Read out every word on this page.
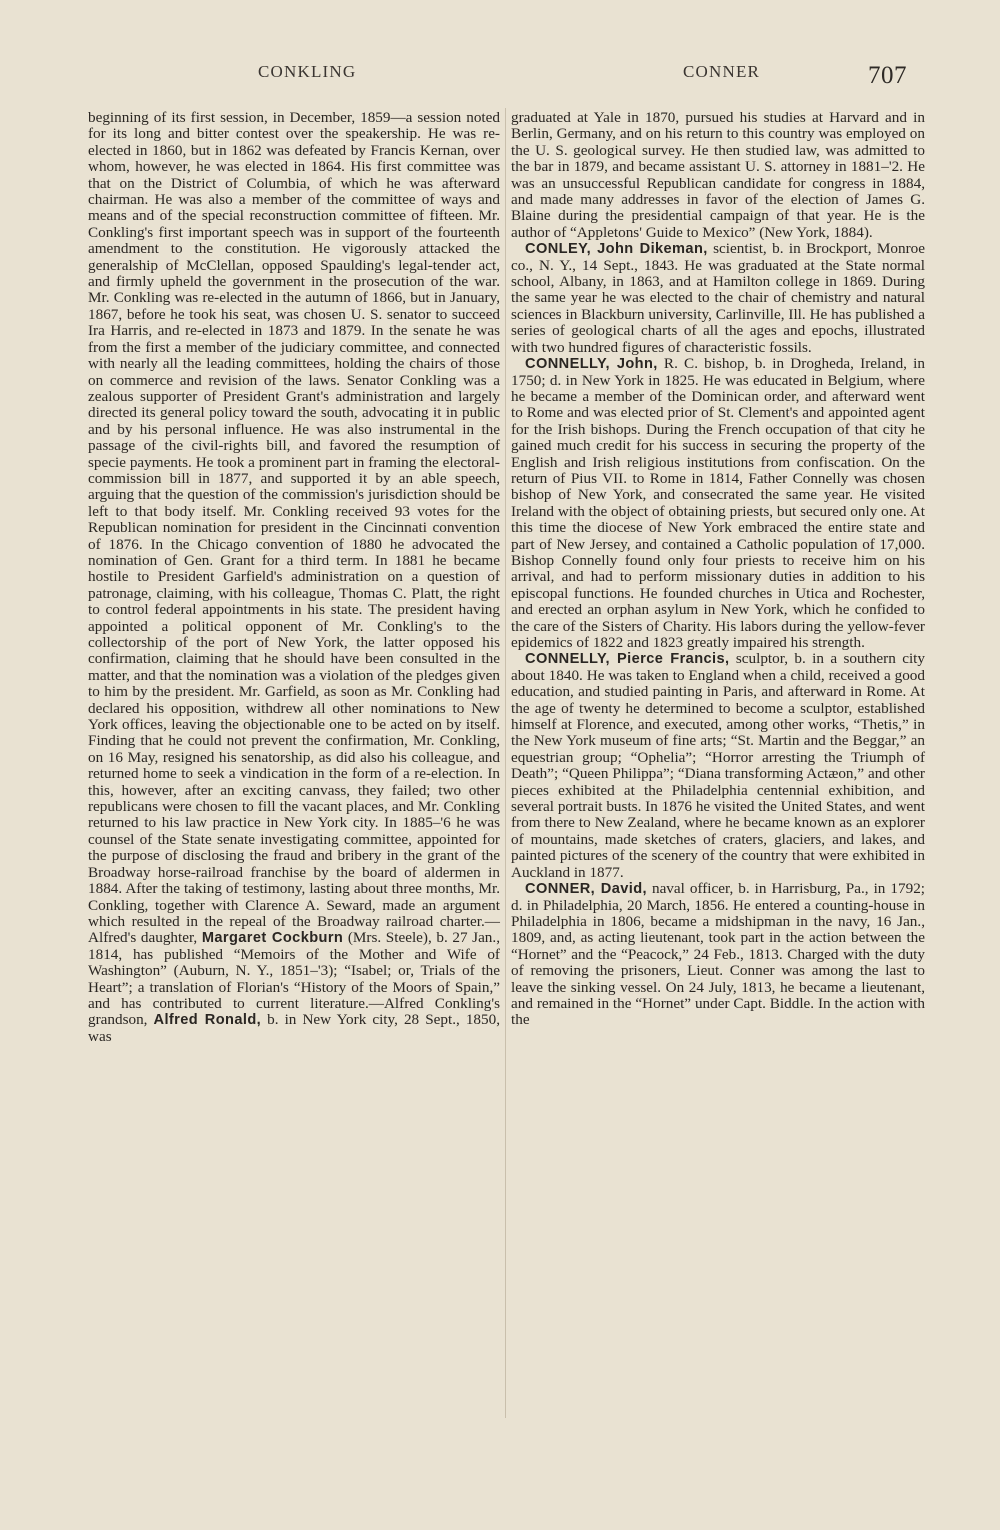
CONKLING	CONNER	707

beginning of its first session, in December, 1859—a session noted for its long and bitter contest over the speakership. He was re-elected in 1860, but in 1862 was defeated by Francis Kernan, over whom, however, he was elected in 1864. His first committee was that on the District of Columbia, of which he was afterward chairman. He was also a member of the committee of ways and means and of the special reconstruction committee of fifteen. Mr. Conkling's first important speech was in support of the fourteenth amendment to the constitution. He vigorously attacked the generalship of McClellan, opposed Spaulding's legal-tender act, and firmly upheld the government in the prosecution of the war. Mr. Conkling was re-elected in the autumn of 1866, but in January, 1867, before he took his seat, was chosen U. S. senator to succeed Ira Harris, and re-elected in 1873 and 1879. In the senate he was from the first a member of the judiciary committee, and connected with nearly all the leading committees, holding the chairs of those on commerce and revision of the laws. Senator Conkling was a zealous supporter of President Grant's administration and largely directed its general policy toward the south, advocating it in public and by his personal influence. He was also instrumental in the passage of the civil-rights bill, and favored the resumption of specie payments. He took a prominent part in framing the electoral-commission bill in 1877, and supported it by an able speech, arguing that the question of the commission's jurisdiction should be left to that body itself. Mr. Conkling received 93 votes for the Republican nomination for president in the Cincinnati convention of 1876. In the Chicago convention of 1880 he advocated the nomination of Gen. Grant for a third term. In 1881 he became hostile to President Garfield's administration on a question of patronage, claiming, with his colleague, Thomas C. Platt, the right to control federal appointments in his state. The president having appointed a political opponent of Mr. Conkling's to the collectorship of the port of New York, the latter opposed his confirmation, claiming that he should have been consulted in the matter, and that the nomination was a violation of the pledges given to him by the president. Mr. Garfield, as soon as Mr. Conkling had declared his opposition, withdrew all other nominations to New York offices, leaving the objectionable one to be acted on by itself. Finding that he could not prevent the confirmation, Mr. Conkling, on 16 May, resigned his senatorship, as did also his colleague, and returned home to seek a vindication in the form of a re-election. In this, however, after an exciting canvass, they failed; two other republicans were chosen to fill the vacant places, and Mr. Conkling returned to his law practice in New York city. In 1885–'6 he was counsel of the State senate investigating committee, appointed for the purpose of disclosing the fraud and bribery in the grant of the Broadway horse-railroad franchise by the board of aldermen in 1884. After the taking of testimony, lasting about three months, Mr. Conkling, together with Clarence A. Seward, made an argument which resulted in the repeal of the Broadway railroad charter.—Alfred's daughter, Margaret Cockburn (Mrs. Steele), b. 27 Jan., 1814, has published “Memoirs of the Mother and Wife of Washington” (Auburn, N. Y., 1851–'3); “Isabel; or, Trials of the Heart”; a translation of Florian's “History of the Moors of Spain,” and has contributed to current literature.—Alfred Conkling's grandson, Alfred Ronald, b. in New York city, 28 Sept., 1850, was

graduated at Yale in 1870, pursued his studies at Harvard and in Berlin, Germany, and on his return to this country was employed on the U. S. geological survey. He then studied law, was admitted to the bar in 1879, and became assistant U. S. attorney in 1881–'2. He was an unsuccessful Republican candidate for congress in 1884, and made many addresses in favor of the election of James G. Blaine during the presidential campaign of that year. He is the author of “Appletons' Guide to Mexico” (New York, 1884).

CONLEY, John Dikeman, scientist, b. in Brockport, Monroe co., N. Y., 14 Sept., 1843. He was graduated at the State normal school, Albany, in 1863, and at Hamilton college in 1869. During the same year he was elected to the chair of chemistry and natural sciences in Blackburn university, Carlinville, Ill. He has published a series of geological charts of all the ages and epochs, illustrated with two hundred figures of characteristic fossils.

CONNELLY, John, R. C. bishop, b. in Drogheda, Ireland, in 1750; d. in New York in 1825. He was educated in Belgium, where he became a member of the Dominican order, and afterward went to Rome and was elected prior of St. Clement's and appointed agent for the Irish bishops. During the French occupation of that city he gained much credit for his success in securing the property of the English and Irish religious institutions from confiscation. On the return of Pius VII. to Rome in 1814, Father Connelly was chosen bishop of New York, and consecrated the same year. He visited Ireland with the object of obtaining priests, but secured only one. At this time the diocese of New York embraced the entire state and part of New Jersey, and contained a Catholic population of 17,000. Bishop Connelly found only four priests to receive him on his arrival, and had to perform missionary duties in addition to his episcopal functions. He founded churches in Utica and Rochester, and erected an orphan asylum in New York, which he confided to the care of the Sisters of Charity. His labors during the yellow-fever epidemics of 1822 and 1823 greatly impaired his strength.

CONNELLY, Pierce Francis, sculptor, b. in a southern city about 1840. He was taken to England when a child, received a good education, and studied painting in Paris, and afterward in Rome. At the age of twenty he determined to become a sculptor, established himself at Florence, and executed, among other works, “Thetis,” in the New York museum of fine arts; “St. Martin and the Beggar,” an equestrian group; “Ophelia”; “Horror arresting the Triumph of Death”; “Queen Philippa”; “Diana transforming Actæon,” and other pieces exhibited at the Philadelphia centennial exhibition, and several portrait busts. In 1876 he visited the United States, and went from there to New Zealand, where he became known as an explorer of mountains, made sketches of craters, glaciers, and lakes, and painted pictures of the scenery of the country that were exhibited in Auckland in 1877.

CONNER, David, naval officer, b. in Harrisburg, Pa., in 1792; d. in Philadelphia, 20 March, 1856. He entered a counting-house in Philadelphia in 1806, became a midshipman in the navy, 16 Jan., 1809, and, as acting lieutenant, took part in the action between the “Hornet” and the “Peacock,” 24 Feb., 1813. Charged with the duty of removing the prisoners, Lieut. Conner was among the last to leave the sinking vessel. On 24 July, 1813, he became a lieutenant, and remained in the “Hornet” under Capt. Biddle. In the action with the
